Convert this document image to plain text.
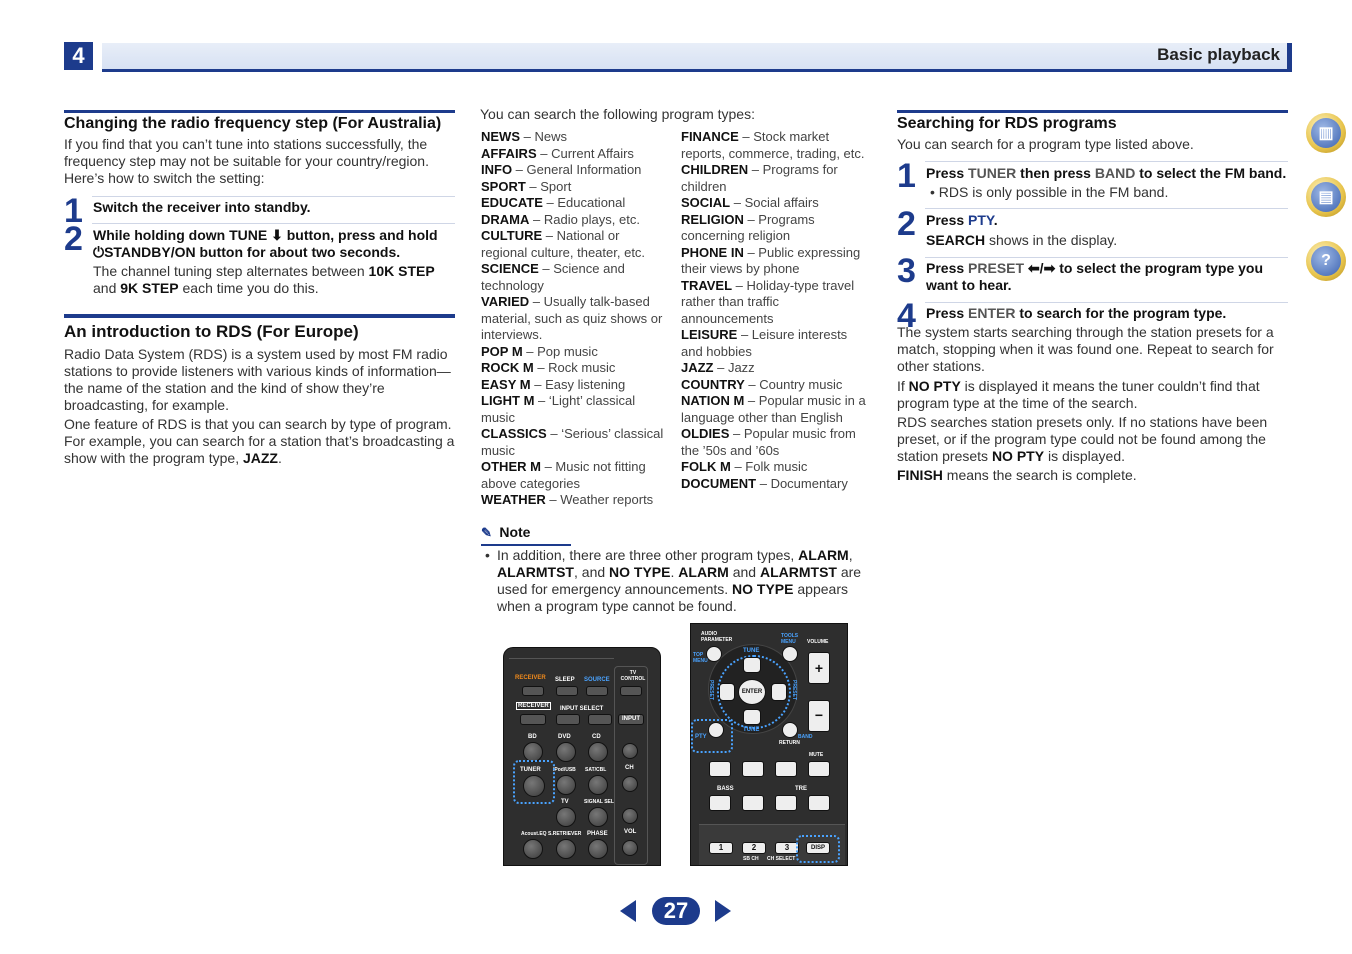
4	Basic playback
Changing the radio frequency step (For Australia)
If you find that you can’t tune into stations successfully, the frequency step may not be suitable for your country/region. Here’s how to switch the setting:
1 Switch the receiver into standby.
2 While holding down TUNE ⬇ button, press and hold ⏻STANDBY/ON button for about two seconds.
The channel tuning step alternates between 10K STEP and 9K STEP each time you do this.
An introduction to RDS (For Europe)
Radio Data System (RDS) is a system used by most FM radio stations to provide listeners with various kinds of information—the name of the station and the kind of show they’re broadcasting, for example.
One feature of RDS is that you can search by type of program. For example, you can search for a station that’s broadcasting a show with the program type, JAZZ.
You can search the following program types:
NEWS – News
AFFAIRS – Current Affairs
INFO – General Information
SPORT – Sport
EDUCATE – Educational
DRAMA – Radio plays, etc.
CULTURE – National or regional culture, theater, etc.
SCIENCE – Science and technology
VARIED – Usually talk-based material, such as quiz shows or interviews.
POP M – Pop music
ROCK M – Rock music
EASY M – Easy listening
LIGHT M – ‘Light’ classical music
CLASSICS – ‘Serious’ classical music
OTHER M – Music not fitting above categories
WEATHER – Weather reports
FINANCE – Stock market reports, commerce, trading, etc.
CHILDREN – Programs for children
SOCIAL – Social affairs
RELIGION – Programs concerning religion
PHONE IN – Public expressing their views by phone
TRAVEL – Holiday-type travel rather than traffic announcements
LEISURE – Leisure interests and hobbies
JAZZ – Jazz
COUNTRY – Country music
NATION M – Popular music in a language other than English
OLDIES – Popular music from the ’50s and ’60s
FOLK M – Folk music
DOCUMENT – Documentary
✎ Note
• In addition, there are three other program types, ALARM, ALARMTST, and NO TYPE. ALARM and ALARMTST are used for emergency announcements. NO TYPE appears when a program type cannot be found.
RECEIVER SLEEP SOURCE
TV CONTROL
RECEIVER	INPUT SELECT
INPUT
BD	DVD	CD
TUNER iPod/USB SAT/CBL
TV	SIGNAL SEL
Acoust.EQ S.RETRIEVER PHASE
CH
VOL
AUDIO PARAMETER
TOOLS MENU	VOLUME
TOP MENU
TUNE
TUNE
PRESET	PRESET
ENTER
PTY
RETURN
BAND
+
−
MUTE
BASS	TRE
1	2	3	DISP
SB CH CH SELECT
Searching for RDS programs
You can search for a program type listed above.
1 Press TUNER then press BAND to select the FM band.
• RDS is only possible in the FM band.
2 Press PTY.
SEARCH shows in the display.
3 Press PRESET ⬅/➡ to select the program type you want to hear.
4 Press ENTER to search for the program type.
The system starts searching through the station presets for a match, stopping when it was found one. Repeat to search for other stations.
If NO PTY is displayed it means the tuner couldn’t find that program type at the time of the search.
RDS searches station presets only. If no stations have been preset, or if the program type could not be found among the station presets NO PTY is displayed.
FINISH means the search is complete.
▥
▤
?
27
